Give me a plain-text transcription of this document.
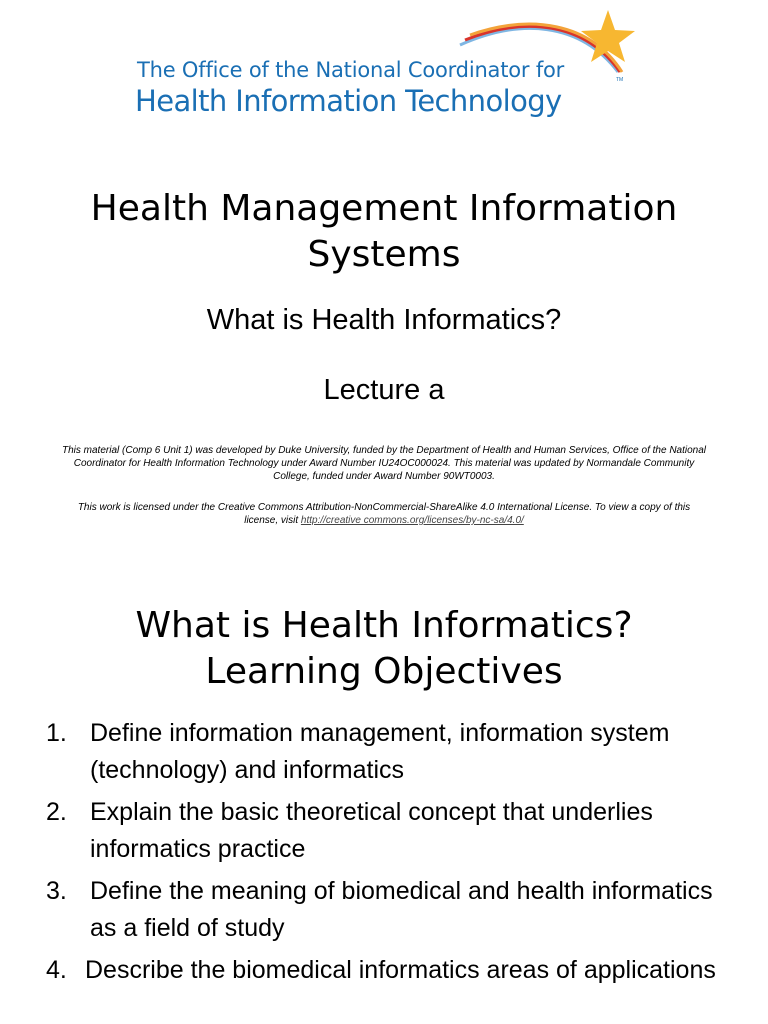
The Office of the National Coordinator for
Health Information Technology
TM
Health Management Information Systems
What is Health Informatics?
Lecture a
This material (Comp 6 Unit 1) was developed by Duke University, funded by the Department of Health and Human Services, Office of the National Coordinator for Health Information Technology under Award Number IU24OC000024. This material was updated by Normandale Community College, funded under Award Number 90WT0003.
This work is licensed under the Creative Commons Attribution-NonCommercial-ShareAlike 4.0 International License. To view a copy of this license, visit http://creative commons.org/licenses/by-nc-sa/4.0/
What is Health Informatics?
Learning Objectives
1. Define information management, information system (technology) and informatics
2. Explain the basic theoretical concept that underlies informatics practice
3. Define the meaning of biomedical and health informatics as a field of study
4. Describe the biomedical informatics areas of applications
